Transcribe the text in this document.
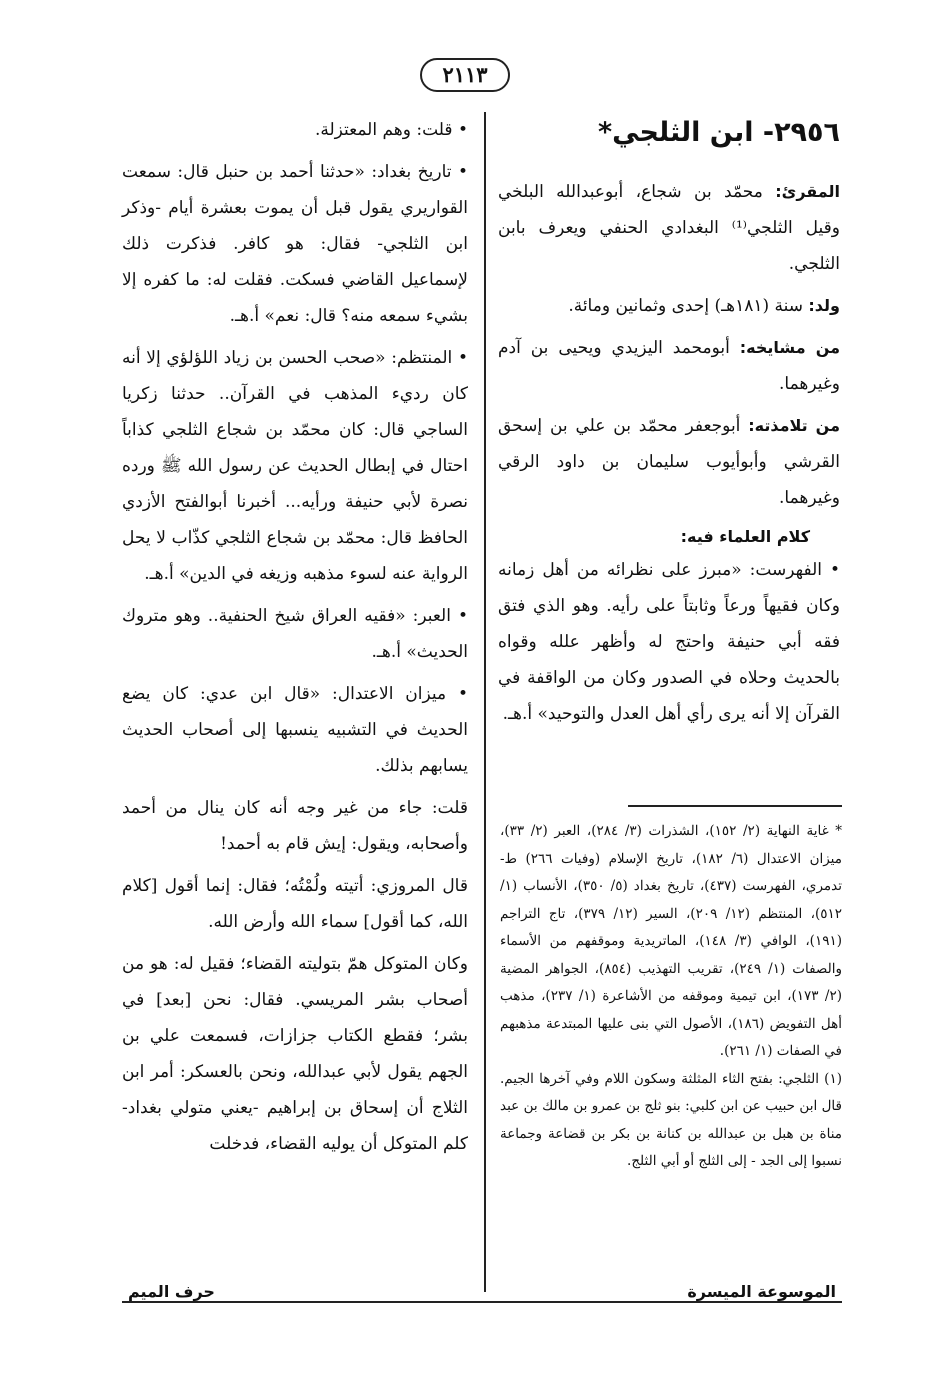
٢١١٣
٢٩٥٦- ابن الثلجي*
المقرئ: محمّد بن شجاع، أبوعبدالله البلخي وقيل الثلجي⁽¹⁾ البغدادي الحنفي ويعرف بابن الثلجي.
ولد: سنة (١٨١هـ) إحدى وثمانين ومائة.
من مشايخه: أبومحمد اليزيدي ويحيى بن آدم وغيرهما.
من تلامذته: أبوجعفر محمّد بن علي بن إسحق القرشي وأبوأيوب سليمان بن داود الرقي وغيرهما.
كلام العلماء فيه:
• الفهرست: «مبرز على نظرائه من أهل زمانه وكان فقيهاً ورعاً وثابتاً على رأيه. وهو الذي فتق فقه أبي حنيفة واحتج له وأظهر علله وقواه بالحديث وحلاه في الصدور وكان من الواقفة في القرآن إلا أنه يرى رأي أهل العدل والتوحيد» أ.هـ.
* غاية النهاية (٢/ ١٥٢)، الشذرات (٣/ ٢٨٤)، العبر (٢/ ٣٣)، ميزان الاعتدال (٦/ ١٨٢)، تاريخ الإسلام (وفيات ٢٦٦) ط-تدمري، الفهرست (٤٣٧)، تاريخ بغداد (٥/ ٣٥٠)، الأنساب (١/ ٥١٢)، المنتظم (١٢/ ٢٠٩)، السير (١٢/ ٣٧٩)، تاج التراجم (١٩١)، الوافي (٣/ ١٤٨)، الماتريدية وموقفهم من الأسماء والصفات (١/ ٢٤٩)، تقريب التهذيب (٨٥٤)، الجواهر المضية (٢/ ١٧٣)، ابن تيمية وموقفه من الأشاعرة (١/ ٢٣٧)، مذهب أهل التفويض (١٨٦)، الأصول التي بنى عليها المبتدعة مذهبهم في الصفات (١/ ٢٦١).
(١) الثلجي: بفتح الثاء المثلثة وسكون اللام وفي آخرها الجيم. قال ابن حبيب عن ابن كلبي: بنو ثلج بن عمرو بن مالك بن عبد مناة بن هبل بن عبدالله بن كنانة بن بكر بن قضاعة وجماعة نسبوا إلى الجد - إلى الثلج أو أبي الثلج.
• قلت: وهم المعتزلة.
• تاريخ بغداد: «حدثنا أحمد بن حنبل قال: سمعت القواريري يقول قبل أن يموت بعشرة أيام -وذكر ابن الثلجي- فقال: هو كافر. فذكرت ذلك لإسماعيل القاضي فسكت. فقلت له: ما كفره إلا بشيء سمعه منه؟ قال: نعم» أ.هـ.
• المنتظم: «صحب الحسن بن زياد اللؤلؤي إلا أنه كان رديء المذهب في القرآن.. حدثنا زكريا الساجي قال: كان محمّد بن شجاع الثلجي كذاباً احتال في إبطال الحديث عن رسول الله ﷺ ورده نصرة لأبي حنيفة ورأيه... أخبرنا أبوالفتح الأزدي الحافظ قال: محمّد بن شجاع الثلجي كذّاب لا يحل الرواية عنه لسوء مذهبه وزيغه في الدين» أ.هـ.
• العبر: «فقيه العراق شيخ الحنفية.. وهو متروك الحديث» أ.هـ.
• ميزان الاعتدال: «قال ابن عدي: كان يضع الحديث في التشبيه ينسبها إلى أصحاب الحديث يسابهم بذلك.
قلت: جاء من غير وجه أنه كان ينال من أحمد وأصحابه، ويقول: إيش قام به أحمد!
قال المروزي: أتيته ولُمْتُه؛ فقال: إنما أقول [كلام الله، كما أقول] سماء الله وأرض الله.
وكان المتوكل همّ بتوليته القضاء؛ فقيل له: هو من أصحاب بشر المريسي. فقال: نحن [بعد] في بشر؛ فقطع الكتاب جزازات، فسمعت علي بن الجهم يقول لأبي عبدالله، ونحن بالعسكر: أمر ابن الثلاج أن إسحاق بن إبراهيم -يعني متولي بغداد- كلم المتوكل أن يوليه القضاء، فدخلت
الموسوعة الميسرة
حرف الميم
